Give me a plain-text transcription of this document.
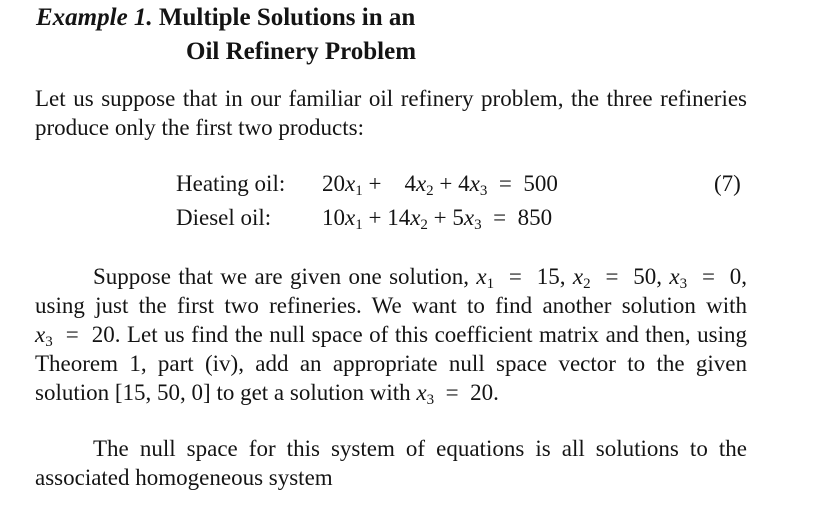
Example 1. Multiple Solutions in an
Oil Refinery Problem
Let us suppose that in our familiar oil refinery problem, the three refineries produce only the first two products:
Heating oil: $20x_1$ +    $4x_2 + 4x_3 = 500$	(7)
Diesel oil: $10x_1 + 14x_2 + 5x_3 = 850$
Suppose that we are given one solution, $x_1 = 15$, $x_2 = 50$, $x_3 = 0$, using just the first two refineries. We want to find another solution with $x_3 = 20$. Let us find the null space of this coefficient matrix and then, using Theorem 1, part (iv), add an appropriate null space vector to the given solution [15, 50, 0] to get a solution with $x_3 = 20$.
The null space for this system of equations is all solutions to the associated homogeneous system
